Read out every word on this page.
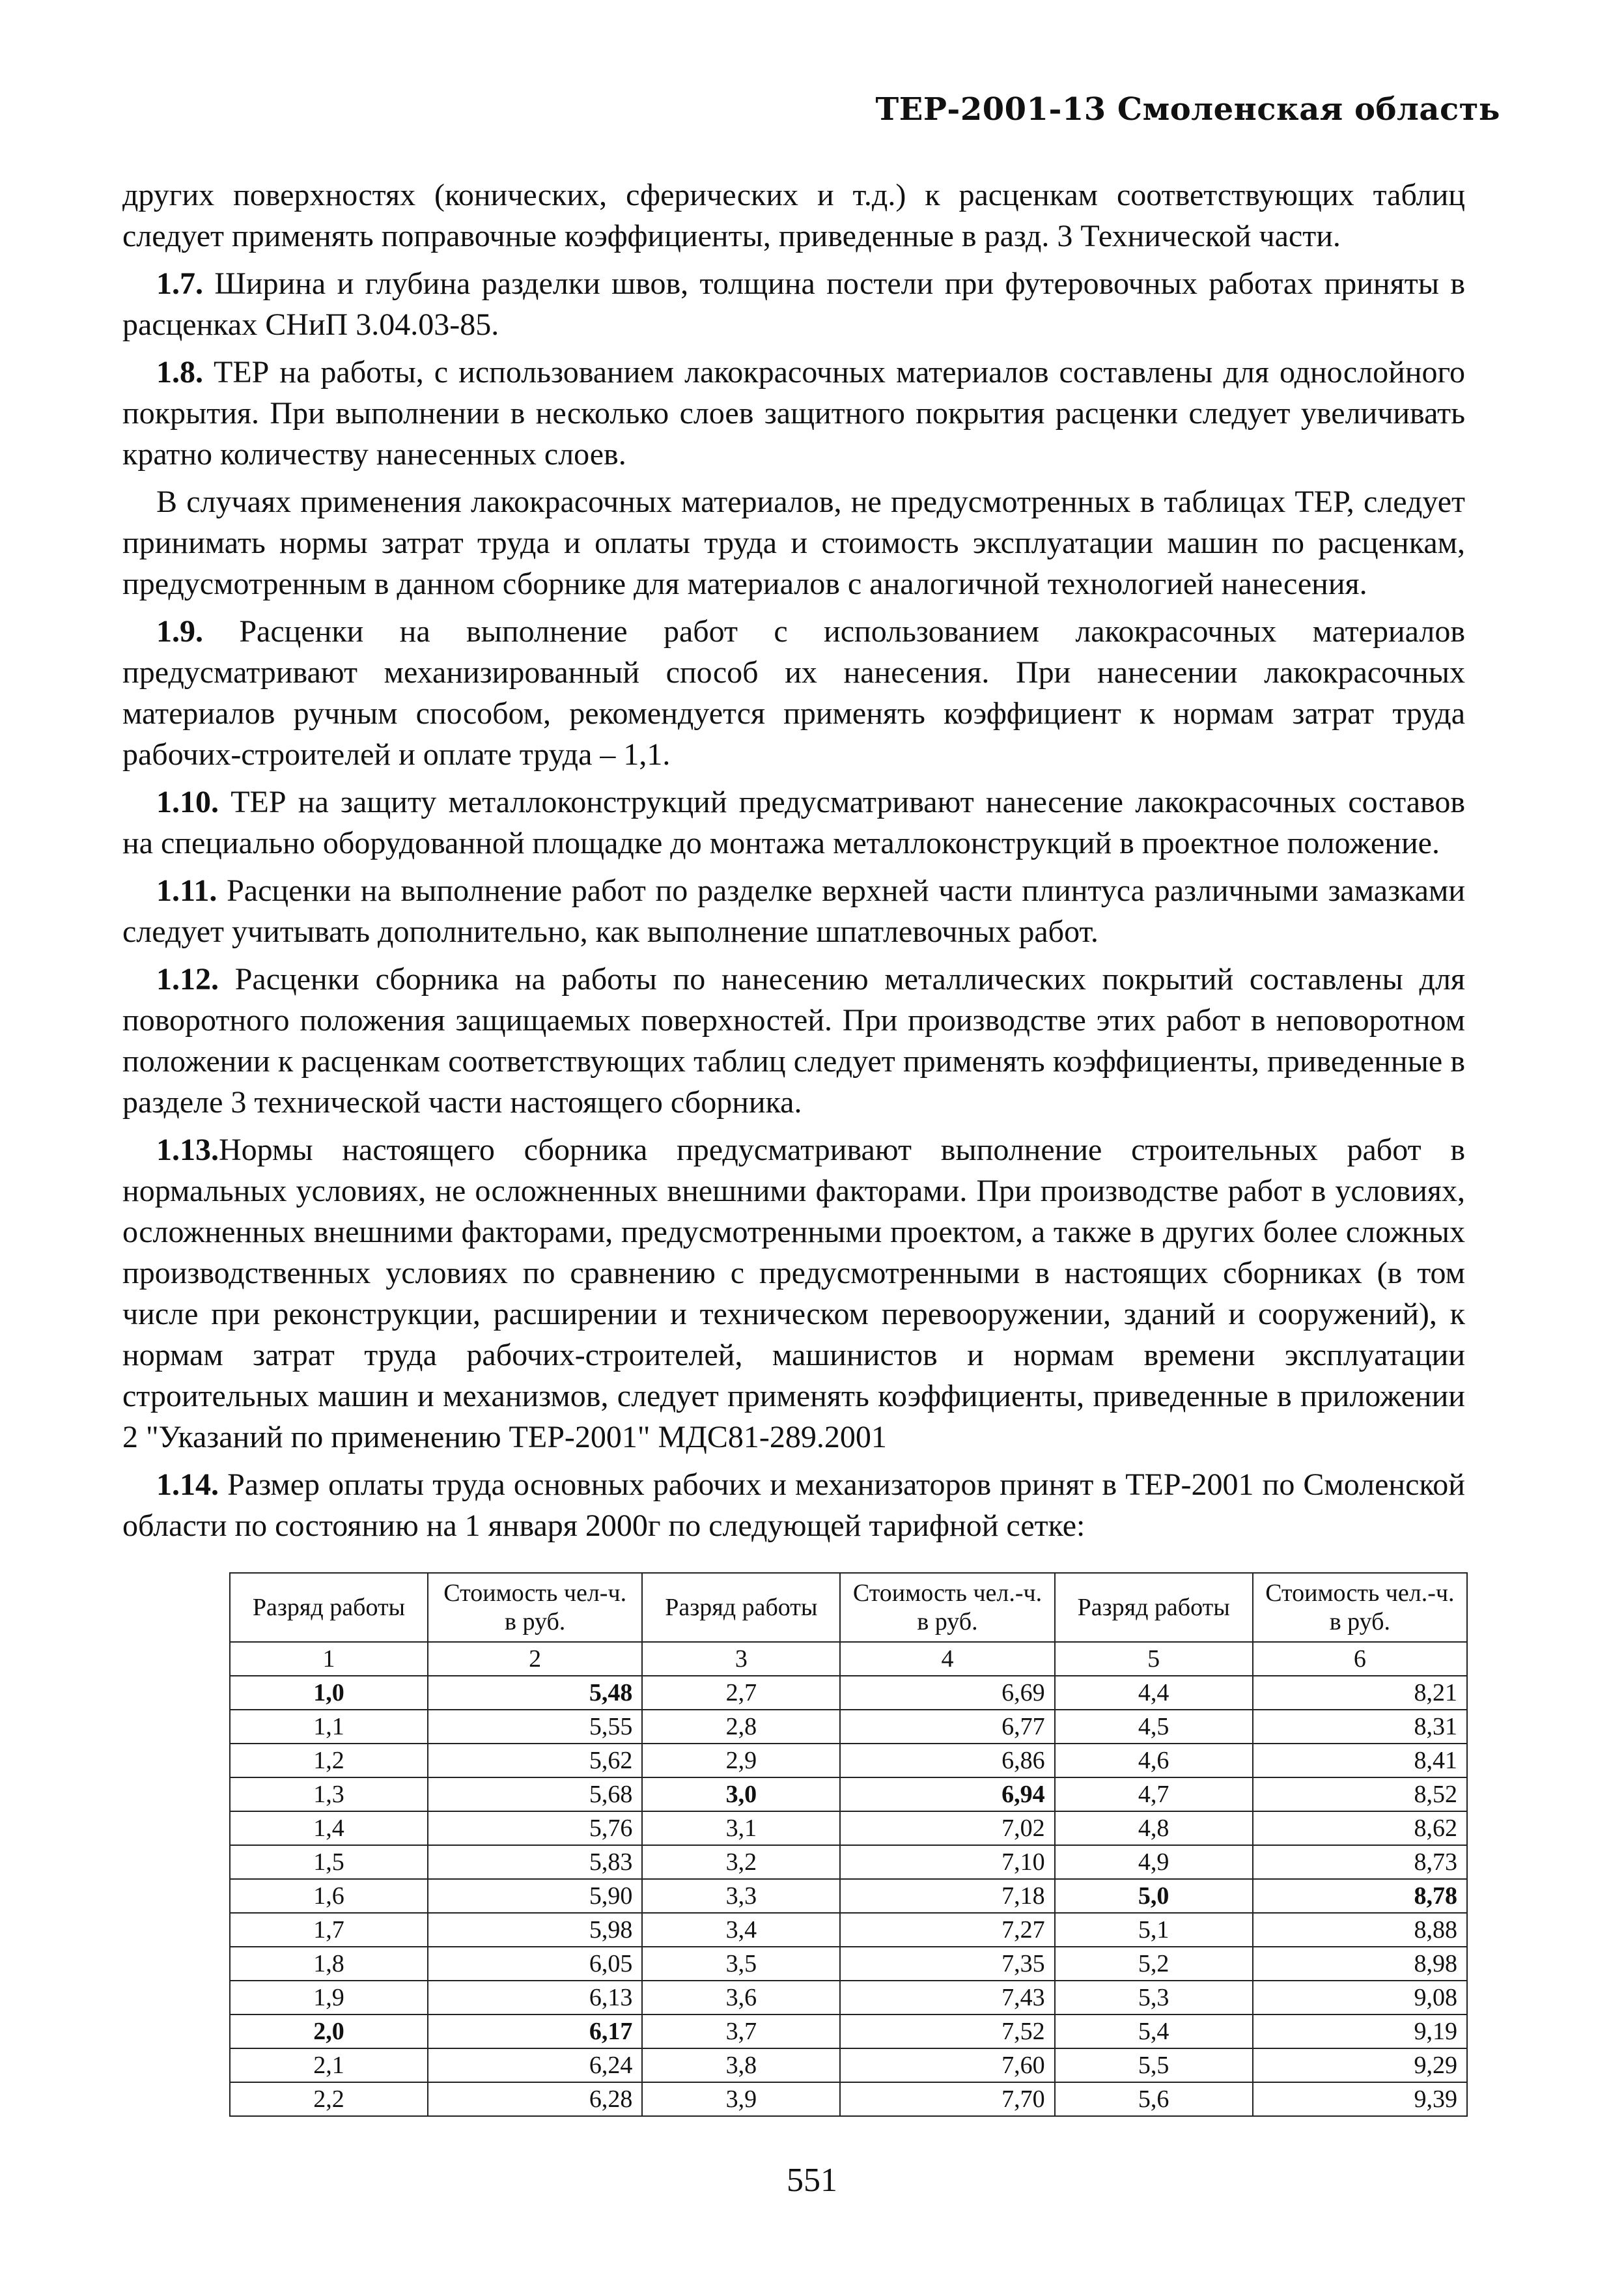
ТЕР-2001-13 Смоленская область

других поверхностях (конических, сферических и т.д.) к расценкам соответствующих таблиц следует применять поправочные коэффициенты, приведенные в разд. 3 Технической части.

1.7. Ширина и глубина разделки швов, толщина постели при футеровочных работах приняты в расценках СНиП 3.04.03-85.

1.8. ТЕР на работы, с использованием лакокрасочных материалов составлены для однослойного покрытия. При выполнении в несколько слоев защитного покрытия расценки следует увеличивать кратно количеству нанесенных слоев.

В случаях применения лакокрасочных материалов, не предусмотренных в таблицах ТЕР, следует принимать нормы затрат труда и оплаты труда и стоимость эксплуатации машин по расценкам, предусмотренным в данном сборнике для материалов с аналогичной технологией нанесения.

1.9. Расценки на выполнение работ с использованием лакокрасочных материалов предусматривают механизированный способ их нанесения. При нанесении лакокрасочных материалов ручным способом, рекомендуется применять коэффициент к нормам затрат труда рабочих-строителей и оплате труда – 1,1.

1.10. ТЕР на защиту металлоконструкций предусматривают нанесение лакокрасочных составов на специально оборудованной площадке до монтажа металлоконструкций в проектное положение.

1.11. Расценки на выполнение работ по разделке верхней части плинтуса различными замазками следует учитывать дополнительно, как выполнение шпатлевочных работ.

1.12. Расценки сборника на работы по нанесению металлических покрытий составлены для поворотного положения защищаемых поверхностей. При производстве этих работ в неповоротном положении к расценкам соответствующих таблиц следует применять коэффициенты, приведенные в разделе 3 технической части настоящего сборника.

1.13.Нормы настоящего сборника предусматривают выполнение строительных работ в нормальных условиях, не осложненных внешними факторами. При производстве работ в условиях, осложненных внешними факторами, предусмотренными проектом, а также в других более сложных производственных условиях по сравнению с предусмотренными в настоящих сборниках (в том числе при реконструкции, расширении и техническом перевооружении, зданий и сооружений), к нормам затрат труда рабочих-строителей, машинистов и нормам времени эксплуатации строительных машин и механизмов, следует применять коэффициенты, приведенные в приложении 2 "Указаний по применению ТЕР-2001" МДС81-289.2001

1.14. Размер оплаты труда основных рабочих и механизаторов принят в ТЕР-2001 по Смоленской области по состоянию на 1 января 2000г по следующей тарифной сетке:

Разряд работы	Стоимость чел-ч. в руб.	Разряд работы	Стоимость чел.-ч. в руб.	Разряд работы	Стоимость чел.-ч. в руб.
1	2	3	4	5	6
1,0	5,48	2,7	6,69	4,4	8,21
1,1	5,55	2,8	6,77	4,5	8,31
1,2	5,62	2,9	6,86	4,6	8,41
1,3	5,68	3,0	6,94	4,7	8,52
1,4	5,76	3,1	7,02	4,8	8,62
1,5	5,83	3,2	7,10	4,9	8,73
1,6	5,90	3,3	7,18	5,0	8,78
1,7	5,98	3,4	7,27	5,1	8,88
1,8	6,05	3,5	7,35	5,2	8,98
1,9	6,13	3,6	7,43	5,3	9,08
2,0	6,17	3,7	7,52	5,4	9,19
2,1	6,24	3,8	7,60	5,5	9,29
2,2	6,28	3,9	7,70	5,6	9,39
551
